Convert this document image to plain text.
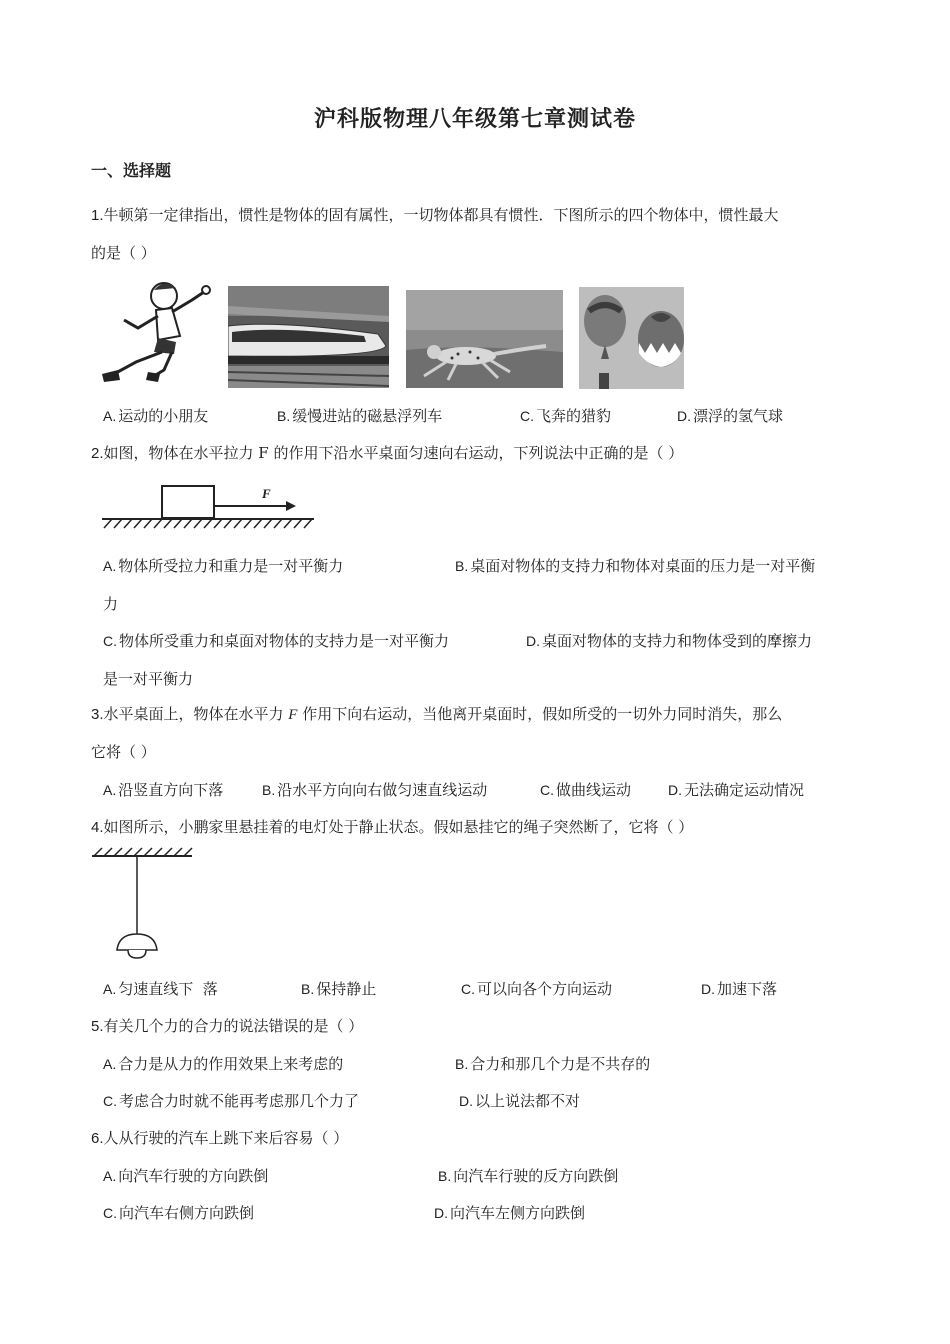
沪科版物理八年级第七章测试卷
一、选择题
1.牛顿第一定律指出，惯性是物体的固有属性，一切物体都具有惯性．下图所示的四个物体中，惯性最大
的是（ ）
A. 运动的小朋友	B. 缓慢进站的磁悬浮列车	C. 飞奔的猎豹	D. 漂浮的氢气球
2.如图，物体在水平拉力 F 的作用下沿水平桌面匀速向右运动，下列说法中正确的是（ ）
F
A. 物体所受拉力和重力是一对平衡力	B. 桌面对物体的支持力和物体对桌面的压力是一对平衡
力
C. 物体所受重力和桌面对物体的支持力是一对平衡力	D. 桌面对物体的支持力和物体受到的摩擦力
是一对平衡力
3.水平桌面上，物体在水平力 F 作用下向右运动，当他离开桌面时，假如所受的一切外力同时消失，那么
它将（ ）
A. 沿竖直方向下落	B. 沿水平方向向右做匀速直线运动	C. 做曲线运动	D. 无法确定运动情况
4.如图所示，小鹏家里悬挂着的电灯处于静止状态。假如悬挂它的绳子突然断了，它将（ ）
A. 匀速直线下  落	B. 保持静止	C. 可以向各个方向运动	D. 加速下落
5.有关几个力的合力的说法错误的是（ ）
A. 合力是从力的作用效果上来考虑的	B. 合力和那几个力是不共存的
C. 考虑合力时就不能再考虑那几个力了	D. 以上说法都不对
6.人从行驶的汽车上跳下来后容易（ ）
A. 向汽车行驶的方向跌倒	B. 向汽车行驶的反方向跌倒
C. 向汽车右侧方向跌倒	D. 向汽车左侧方向跌倒
